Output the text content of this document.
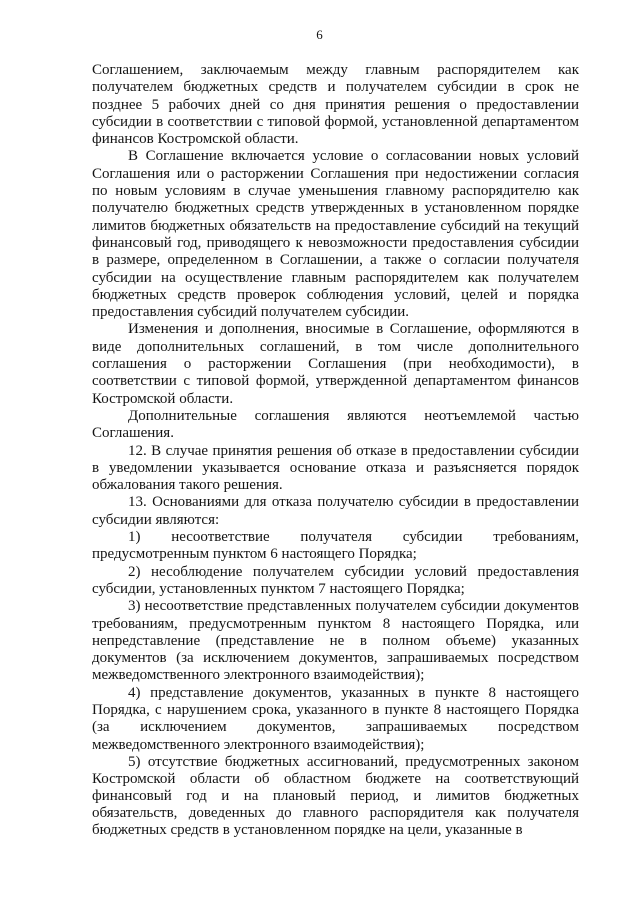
6

Соглашением, заключаемым между главным распорядителем как получателем бюджетных средств и получателем субсидии в срок не позднее 5 рабочих дней со дня принятия решения о предоставлении субсидии в соответствии с типовой формой, установленной департаментом финансов Костромской области.

В Соглашение включается условие о согласовании новых условий Соглашения или о расторжении Соглашения при недостижении согласия по новым условиям в случае уменьшения главному распорядителю как получателю бюджетных средств утвержденных в установленном порядке лимитов бюджетных обязательств на предоставление субсидий на текущий финансовый год, приводящего к невозможности предоставления субсидии в размере, определенном в Соглашении, а также о согласии получателя субсидии на осуществление главным распорядителем как получателем бюджетных средств проверок соблюдения условий, целей и порядка предоставления субсидий получателем субсидии.

Изменения и дополнения, вносимые в Соглашение, оформляются в виде дополнительных соглашений, в том числе дополнительного соглашения о расторжении Соглашения (при необходимости), в соответствии с типовой формой, утвержденной департаментом финансов Костромской области.

Дополнительные соглашения являются неотъемлемой частью Соглашения.

12. В случае принятия решения об отказе в предоставлении субсидии в уведомлении указывается основание отказа и разъясняется порядок обжалования такого решения.

13. Основаниями для отказа получателю субсидии в предоставлении субсидии являются:

1) несоответствие получателя субсидии требованиям, предусмотренным пунктом 6 настоящего Порядка;

2) несоблюдение получателем субсидии условий предоставления субсидии, установленных пунктом 7 настоящего Порядка;

3) несоответствие представленных получателем субсидии документов требованиям, предусмотренным пунктом 8 настоящего Порядка, или непредставление (представление не в полном объеме) указанных документов (за исключением документов, запрашиваемых посредством межведомственного электронного взаимодействия);

4) представление документов, указанных в пункте 8 настоящего Порядка, с нарушением срока, указанного в пункте 8 настоящего Порядка (за исключением документов, запрашиваемых посредством межведомственного электронного взаимодействия);

5) отсутствие бюджетных ассигнований, предусмотренных законом Костромской области об областном бюджете на соответствующий финансовый год и на плановый период, и лимитов бюджетных обязательств, доведенных до главного распорядителя как получателя бюджетных средств в установленном порядке на цели, указанные в
